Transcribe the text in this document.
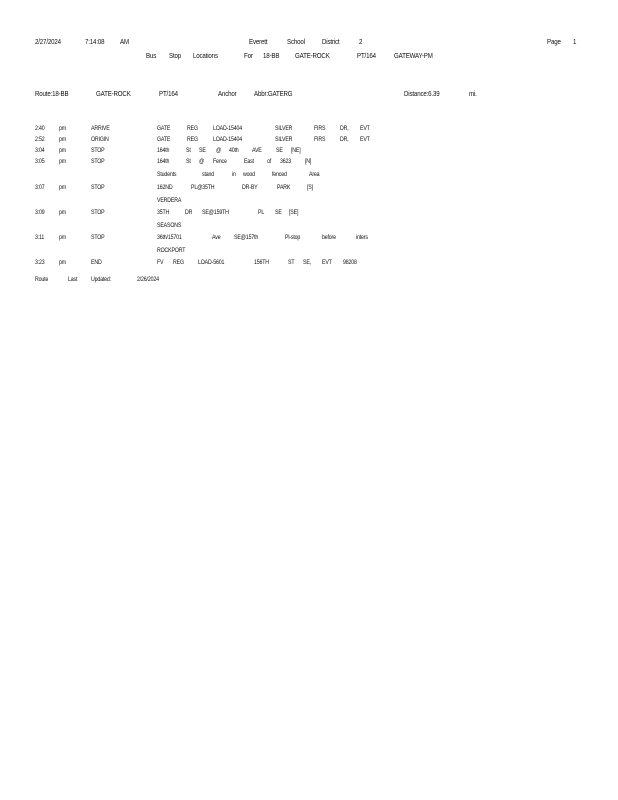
2/27/2024	7:14:08 AM	Everett	School District	2	Page 1
Bus Stop Locations	For 18-BB GATE-ROCK	PT/164 GATEWAY-PM
Route:18-BB	GATE-ROCK	PT/164	Anchor Abbr:GATERG	Distance:6.39	mi.
2:40 pm	ARRIVE	GATE	REG LOAD-15404	SILVER	FIRS DR, EVT
2:52 pm	ORIGIN	GATE	REG LOAD-15404	SILVER	FIRS DR, EVT
3:04 pm	STOP	164th	St SE @ 40th AVE SE [NE]
3:05 pm	STOP	164th	St @ Fence	East of 3623 [N]
Students	stand	in wood	fenced	Area
3:07 pm	STOP	162ND	PL@35TH	DR-BY	PARK	[S]
VERDERA
3:09 pm	STOP	35TH DR SE@159TH	PL SE [SE]
SEASONS
3:11 pm	STOP	36th/15701	Ave SE@157th	Pl-stop	before	inters
ROCKPORT
3:23 pm	END	FV REG LOAD-5601	156TH	ST SE, EVT 98208
Route	Last Updated:	2/26/2024
